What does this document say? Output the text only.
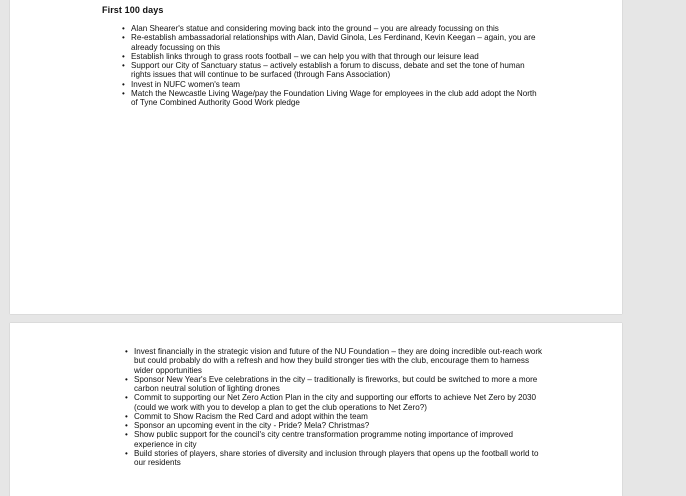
First 100 days
• Alan Shearer's statue and considering moving back into the ground – you are already focussing on this
• Re-establish ambassadorial relationships with Alan, David Ginola, Les Ferdinand, Kevin Keegan – again, you are already focussing on this
• Establish links through to grass roots football – we can help you with that through our leisure lead
• Support our City of Sanctuary status – actively establish a forum to discuss, debate and set the tone of human rights issues that will continue to be surfaced (through Fans Association)
• Invest in NUFC women's team
• Match the Newcastle Living Wage/pay the Foundation Living Wage for employees in the club add adopt the North of Tyne Combined Authority Good Work pledge
• Invest financially in the strategic vision and future of the NU Foundation – they are doing incredible out-reach work but could probably do with a refresh and how they build stronger ties with the club, encourage them to harness wider opportunities
• Sponsor New Year's Eve celebrations in the city – traditionally is fireworks, but could be switched to more a more carbon neutral solution of lighting drones
• Commit to supporting our Net Zero Action Plan in the city and supporting our efforts to achieve Net Zero by 2030 (could we work with you to develop a plan to get the club operations to Net Zero?)
• Commit to Show Racism the Red Card and adopt within the team
• Sponsor an upcoming event in the city - Pride? Mela? Christmas?
• Show public support for the council's city centre transformation programme noting importance of improved experience in city
• Build stories of players, share stories of diversity and inclusion through players that opens up the football world to our residents
